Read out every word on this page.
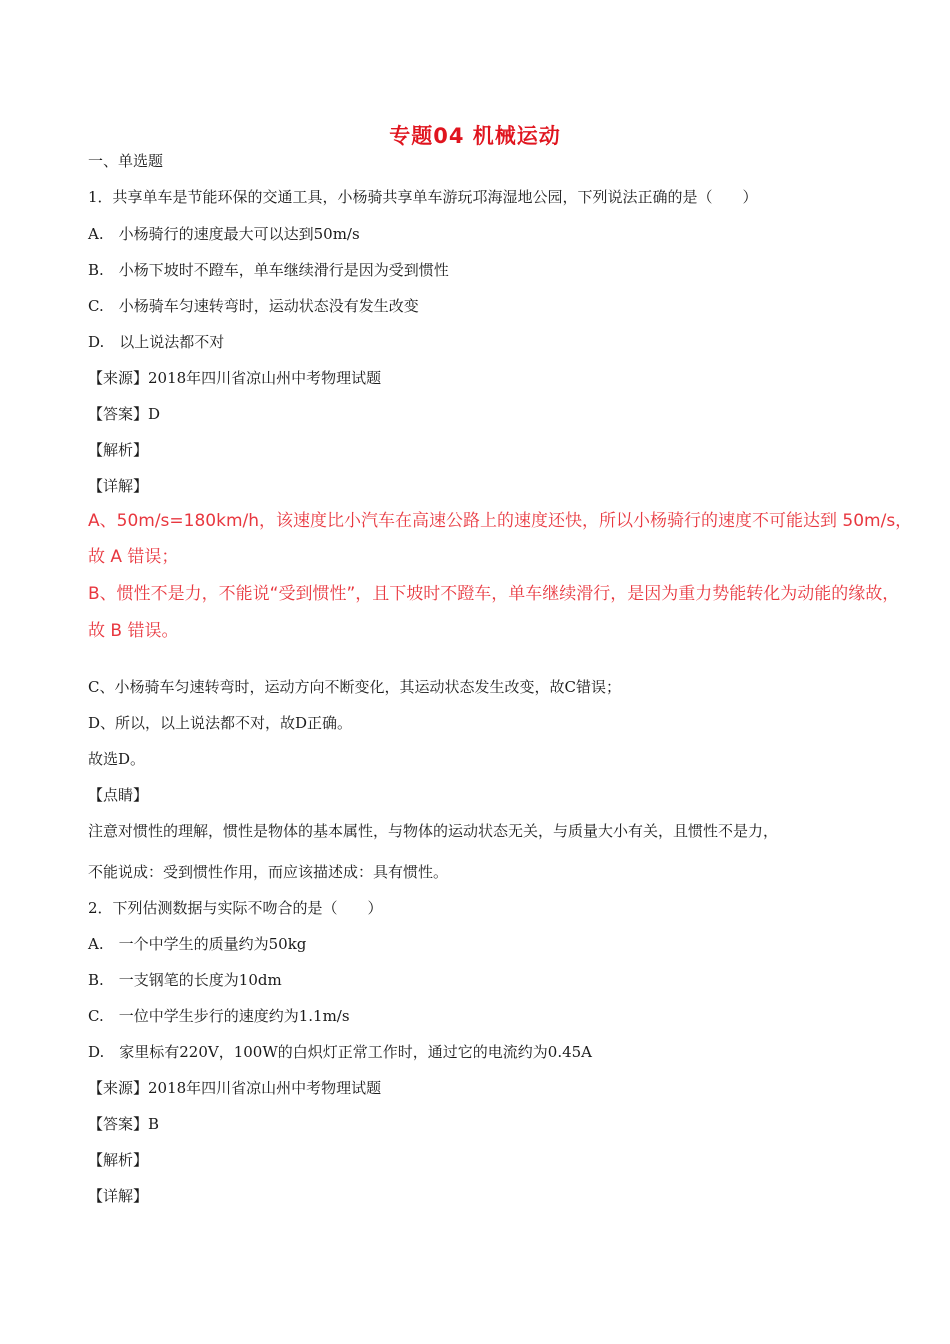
专题04 机械运动
一、单选题
1．共享单车是节能环保的交通工具，小杨骑共享单车游玩邛海湿地公园，下列说法正确的是（　　）
A.　小杨骑行的速度最大可以达到50m/s
B.　小杨下坡时不蹬车，单车继续滑行是因为受到惯性
C.　小杨骑车匀速转弯时，运动状态没有发生改变
D.　以上说法都不对
【来源】2018年四川省凉山州中考物理试题
【答案】D
【解析】
【详解】
A、50m/s=180km/h，该速度比小汽车在高速公路上的速度还快，所以小杨骑行的速度不可能达到 50m/s，
故 A 错误；
B、惯性不是力，不能说“受到惯性”，且下坡时不蹬车，单车继续滑行，是因为重力势能转化为动能的缘故，
故 B 错误。
C、小杨骑车匀速转弯时，运动方向不断变化，其运动状态发生改变，故C错误；
D、所以，以上说法都不对，故D正确。
故选D。
【点睛】
注意对惯性的理解，惯性是物体的基本属性，与物体的运动状态无关，与质量大小有关，且惯性不是力，
不能说成：受到惯性作用，而应该描述成：具有惯性。
2．下列估测数据与实际不吻合的是（　　）
A.　一个中学生的质量约为50kg
B.　一支钢笔的长度为10dm
C.　一位中学生步行的速度约为1.1m/s
D.　家里标有220V，100W的白炽灯正常工作时，通过它的电流约为0.45A
【来源】2018年四川省凉山州中考物理试题
【答案】B
【解析】
【详解】
